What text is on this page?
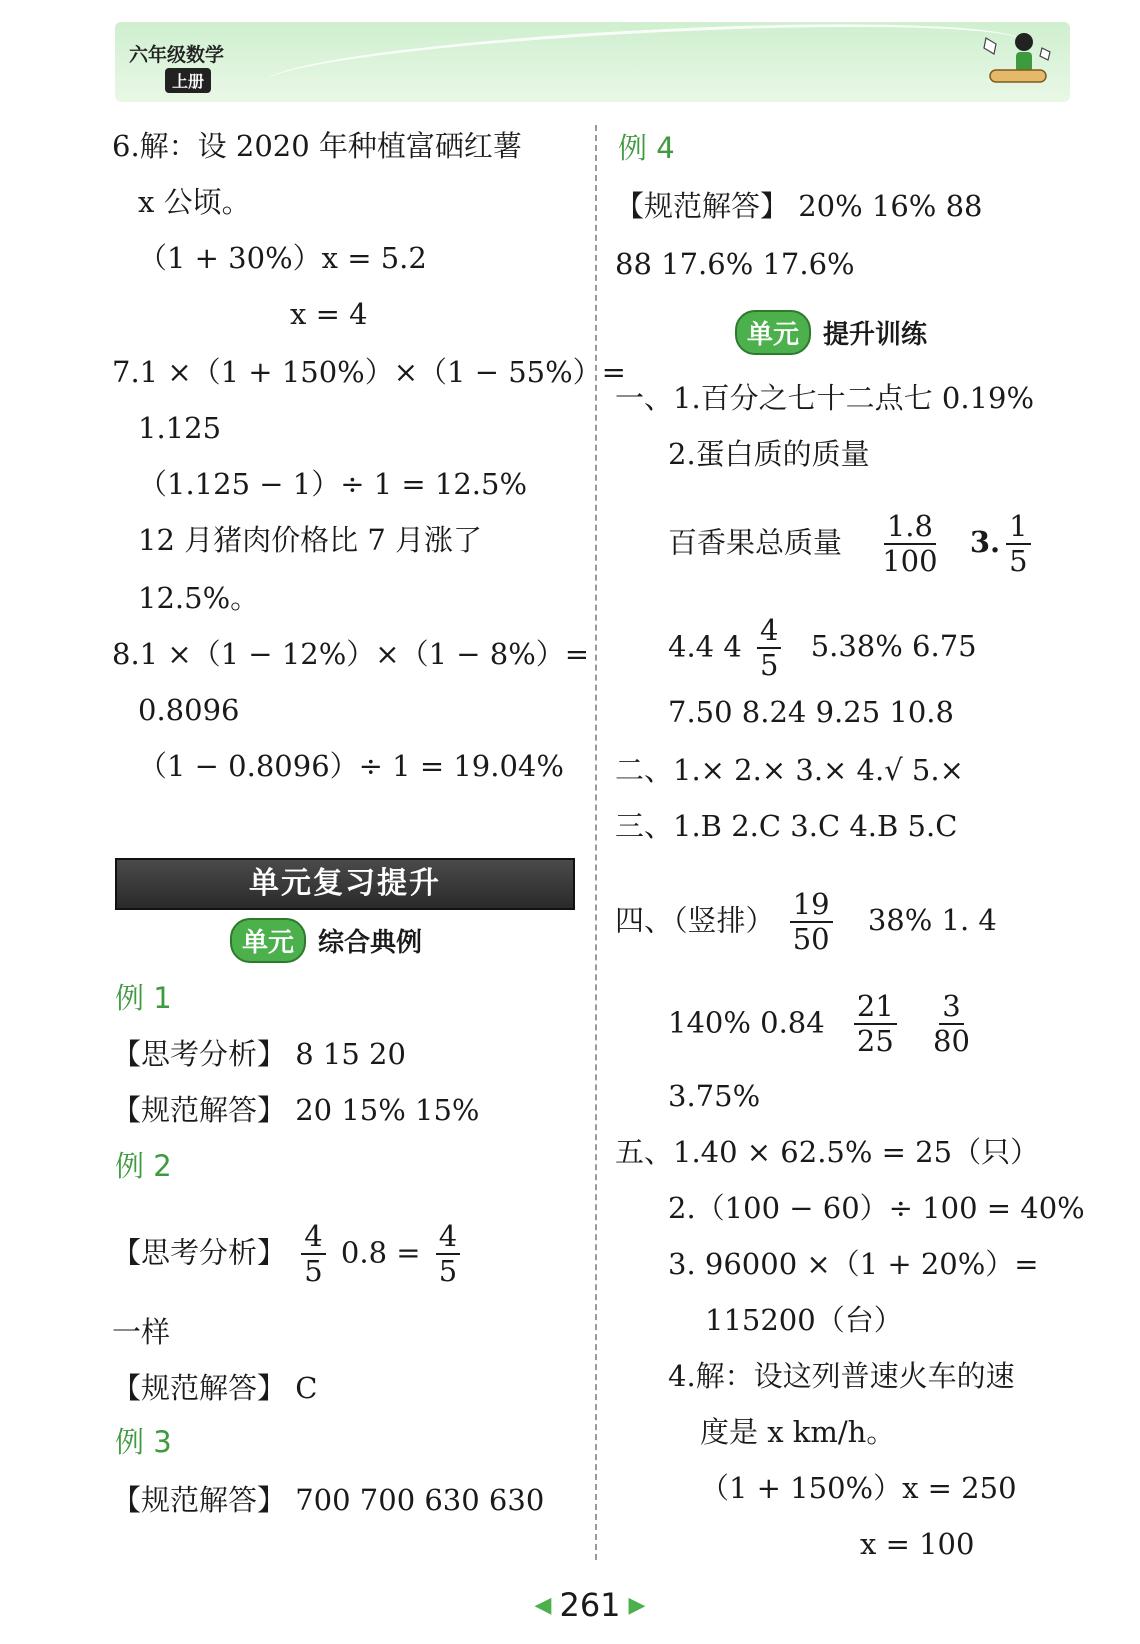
六年级数学
上册
6.解：设 2020 年种植富硒红薯
x 公顷。
（1 + 30%）x = 5.2
x = 4
7.1 ×（1 + 150%）×（1 − 55%）=
1.125
（1.125 − 1）÷ 1 = 12.5%
12 月猪肉价格比 7 月涨了
12.5%。
8.1 ×（1 − 12%）×（1 − 8%）=
0.8096
（1 − 0.8096）÷ 1 = 19.04%
单元复习提升
单元 综合典例
例 1
【思考分析】 8 15 20
【规范解答】 20 15% 15%
例 2
【思考分析】 $\frac{4}{5} 0.8 = \frac{4}{5}$
一样
【规范解答】 C
例 3
【规范解答】 700 700 630 630
例 4
【规范解答】 20% 16% 88
88 17.6% 17.6%
单元 提升训练
一、1.百分之七十二点七 0.19%
2.蛋白质的质量
百香果总质量 $\frac{1.8}{100} 3$. $\frac{1}{5}$
4.4 $4 \frac{4}{5} 5.38\%$ 6.75
7.50 8.24 9.25 10.8
二、1.× 2.× 3.× 4.√ 5.×
三、1.B 2.C 3.C 4.B 5.C
四、（竖排） $\frac{19}{50} 38\%$ 1. 4
140% $0.84 \frac{21}{25}$
$\frac{3}{80}$
3.75%
五、1.40 × 62.5% = 25（只）
2.（100 − 60）÷ 100 = 40%
3. 96000 ×（1 + 20%）=
115200（台）
4.解：设这列普速火车的速
度是 x km/h。
（1 + 150%）x = 250
x = 100
◀ 261 ▶
